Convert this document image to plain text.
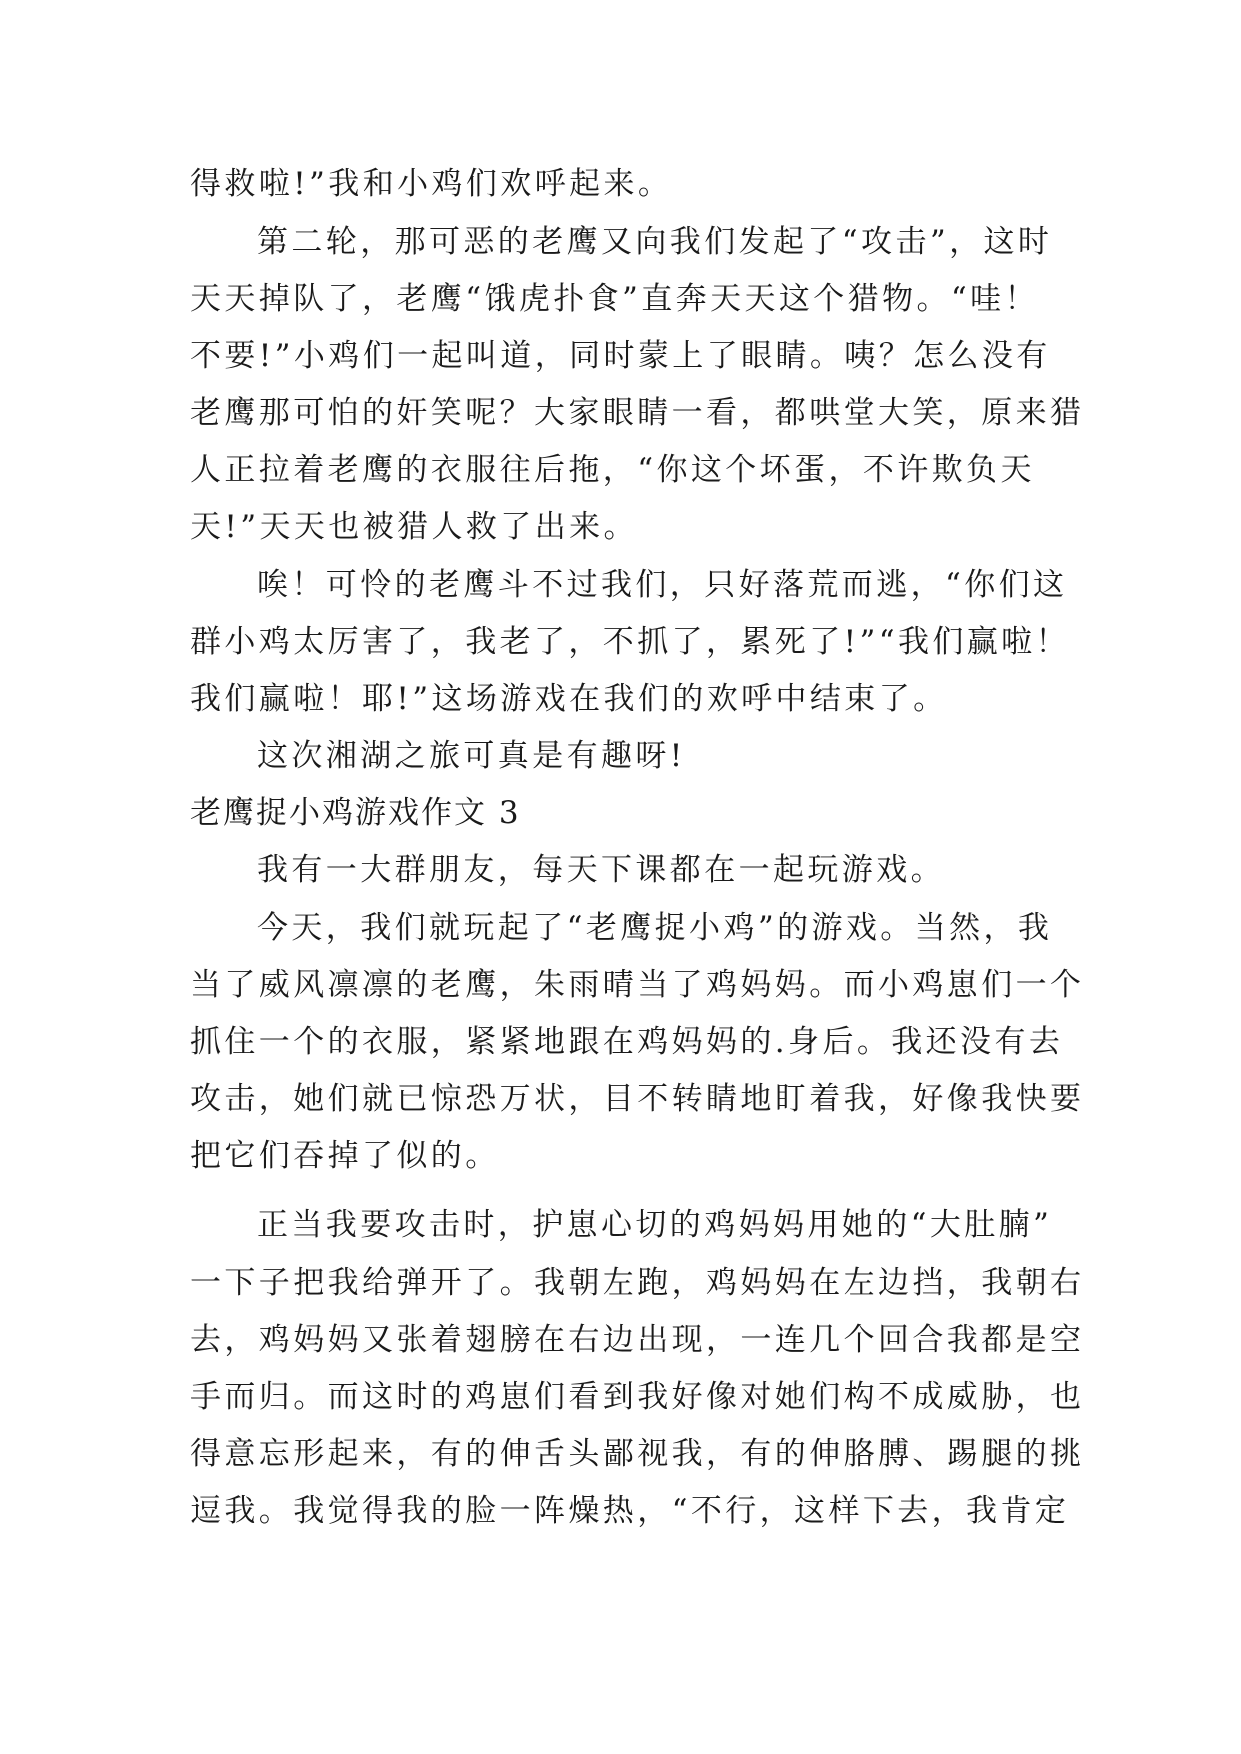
得救啦!”我和小鸡们欢呼起来。

第二轮，那可恶的老鹰又向我们发起了“攻击”，这时

天天掉队了，老鹰“饿虎扑食”直奔天天这个猎物。“哇！

不要!”小鸡们一起叫道，同时蒙上了眼睛。咦？怎么没有

老鹰那可怕的奸笑呢？大家眼睛一看，都哄堂大笑，原来猎

人正拉着老鹰的衣服往后拖，“你这个坏蛋，不许欺负天

天!”天天也被猎人救了出来。

唉！可怜的老鹰斗不过我们，只好落荒而逃，“你们这

群小鸡太厉害了，我老了，不抓了，累死了!”“我们赢啦！

我们赢啦！耶!”这场游戏在我们的欢呼中结束了。

这次湘湖之旅可真是有趣呀!

老鹰捉小鸡游戏作文 3

我有一大群朋友，每天下课都在一起玩游戏。

今天，我们就玩起了“老鹰捉小鸡”的游戏。当然，我

当了威风凛凛的老鹰，朱雨晴当了鸡妈妈。而小鸡崽们一个

抓住一个的衣服，紧紧地跟在鸡妈妈的.身后。我还没有去

攻击，她们就已惊恐万状，目不转睛地盯着我，好像我快要

把它们吞掉了似的。

正当我要攻击时，护崽心切的鸡妈妈用她的“大肚腩”

一下子把我给弹开了。我朝左跑，鸡妈妈在左边挡，我朝右

去，鸡妈妈又张着翅膀在右边出现，一连几个回合我都是空

手而归。而这时的鸡崽们看到我好像对她们构不成威胁，也

得意忘形起来，有的伸舌头鄙视我，有的伸胳膊、踢腿的挑

逗我。我觉得我的脸一阵燥热，“不行，这样下去，我肯定
